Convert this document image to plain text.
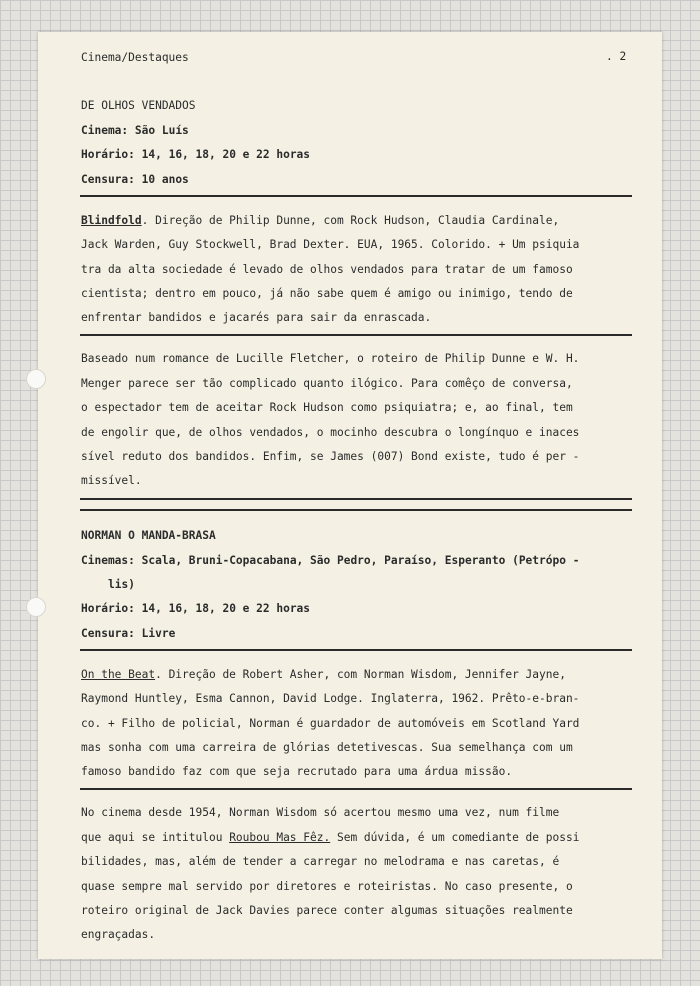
Cinema/Destaques	. 2
DE OLHOS VENDADOS
Cinema: São Luís
Horário: 14, 16, 18, 20 e 22 horas
Censura: 10 anos
Blindfold. Direção de Philip Dunne, com Rock Hudson, Claudia Cardinale,
Jack Warden, Guy Stockwell, Brad Dexter. EUA, 1965. Colorido. + Um psiquia
tra da alta sociedade é levado de olhos vendados para tratar de um famoso
cientista; dentro em pouco, já não sabe quem é amigo ou inimigo, tendo de
enfrentar bandidos e jacarés para sair da enrascada.
Baseado num romance de Lucille Fletcher, o roteiro de Philip Dunne e W. H.
Menger parece ser tão complicado quanto ilógico. Para comêço de conversa,
o espectador tem de aceitar Rock Hudson como psiquiatra; e, ao final, tem
de engolir que, de olhos vendados, o mocinho descubra o longínquo e inaces
sível reduto dos bandidos. Enfim, se James (007) Bond existe, tudo é per -
missível.
NORMAN O MANDA-BRASA
Cinemas: Scala, Bruni-Copacabana, São Pedro, Paraíso, Esperanto (Petrópo -
lis)
Horário: 14, 16, 18, 20 e 22 horas
Censura: Livre
On the Beat. Direção de Robert Asher, com Norman Wisdom, Jennifer Jayne,
Raymond Huntley, Esma Cannon, David Lodge. Inglaterra, 1962. Prêto-e-bran-
co. + Filho de policial, Norman é guardador de automóveis em Scotland Yard
mas sonha com uma carreira de glórias detetivescas. Sua semelhança com um
famoso bandido faz com que seja recrutado para uma árdua missão.
No cinema desde 1954, Norman Wisdom só acertou mesmo uma vez, num filme
que aqui se intitulou Roubou Mas Fêz. Sem dúvida, é um comediante de possi
bilidades, mas, além de tender a carregar no melodrama e nas caretas, é
quase sempre mal servido por diretores e roteiristas. No caso presente, o
roteiro original de Jack Davies parece conter algumas situações realmente
engraçadas.
